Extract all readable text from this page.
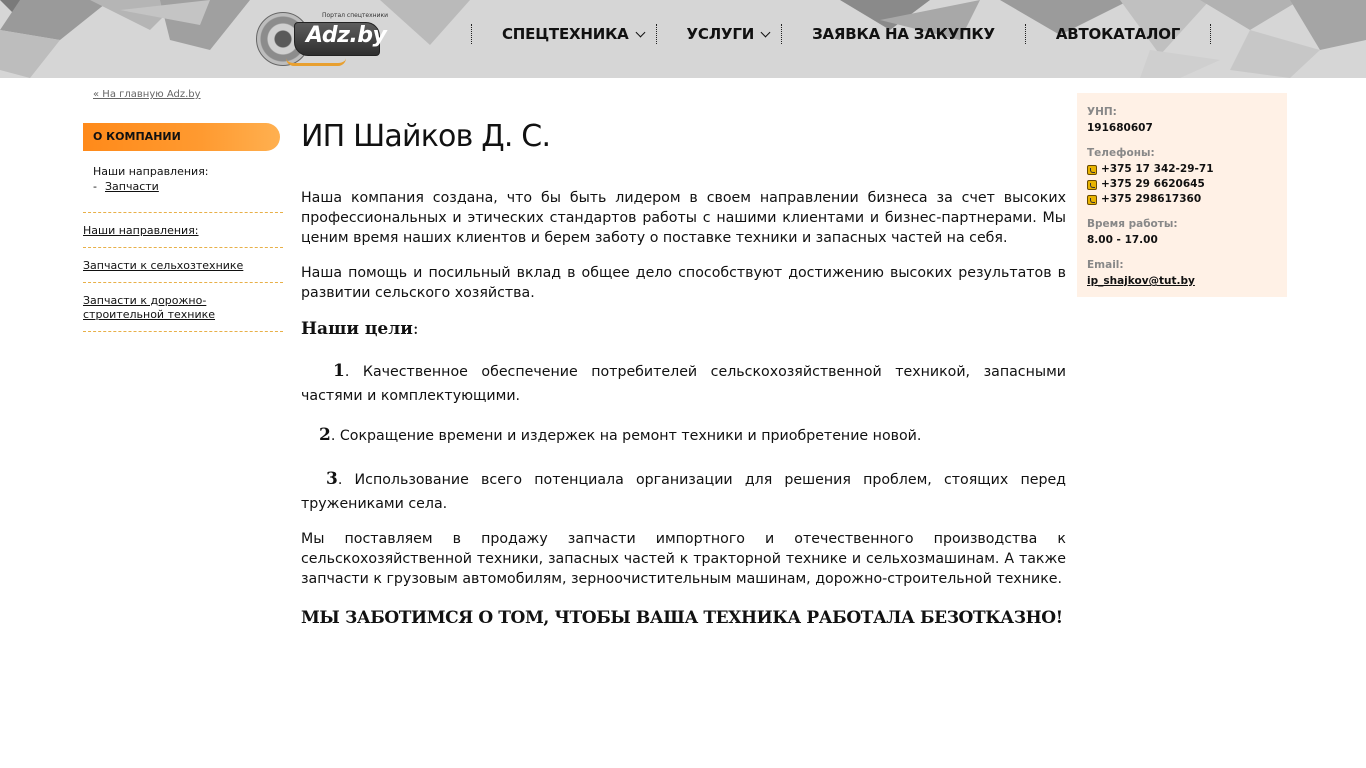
Портал спецтехники
Adz.by	СПЕЦТЕХНИКА	УСЛУГИ	ЗАЯВКА НА ЗАКУПКУ	АВТОКАТАЛОГ
« На главную Adz.by
О КОМПАНИИ
Наши направления:
- Запчасти
Наши направления:
Запчасти к сельхозтехнике
Запчасти к дорожно-строительной технике
ИП Шайков Д. С.

Наша компания создана, что бы быть лидером в своем направлении бизнеса за счет высоких профессиональных и этических стандартов работы с нашими клиентами и бизнес-партнерами. Мы ценим время наших клиентов и берем заботу о поставке техники и запасных частей на себя.

Наша помощь и посильный вклад в общее дело способствуют достижению высоких результатов в развитии сельского хозяйства.

Наши цели:

1. Качественное обеспечение потребителей сельскохозяйственной техникой, запасными частями и комплектующими.

2. Сокращение времени и издержек на ремонт техники и приобретение новой.

3. Использование всего потенциала организации для решения проблем, стоящих перед тружениками села.

Мы поставляем в продажу запчасти импортного и отечественного производства к сельскохозяйственной техники, запасных частей к тракторной технике и сельхозмашинам. А также запчасти к грузовым автомобилям, зерноочистительным машинам, дорожно-строительной технике.

МЫ ЗАБОТИМСЯ О ТОМ, ЧТОБЫ ВАША ТЕХНИКА РАБОТАЛА БЕЗОТКАЗНО!
УНП:
191680607
Телефоны:
+375 17 342-29-71
+375 29 6620645
+375 298617360
Время работы:
8.00 - 17.00
Email:
ip_shajkov@tut.by
